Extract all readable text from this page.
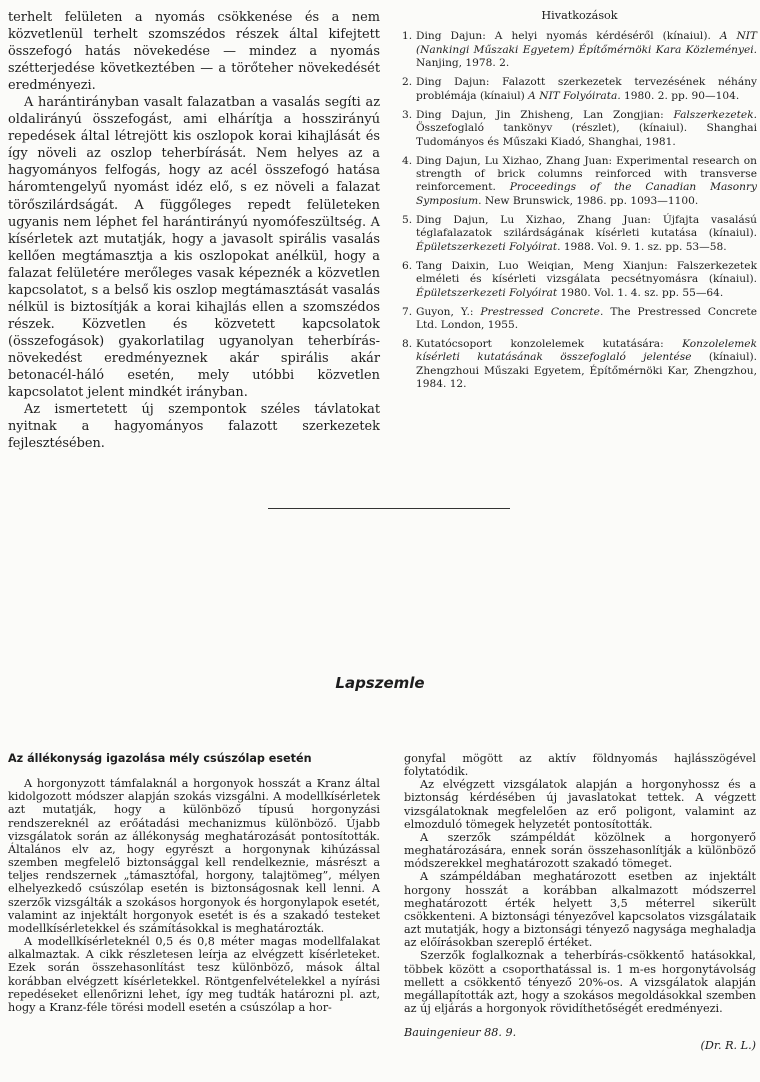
terhelt felületen a nyomás csökkenése és a nem közvetlenül terhelt szomszédos részek által kifejtett összefogó hatás növekedése — mindez a nyomás szétterjedése következtében — a törőteher növekedését eredményezi.

A harántirányban vasalt falazatban a vasalás segíti az oldalirányú összefogást, ami elhárítja a hosszirányú repedések által létrejött kis oszlopok korai kihajlását és így növeli az oszlop teherbírását. Nem helyes az a hagyományos felfogás, hogy az acél összefogó hatása háromtengelyű nyomást idéz elő, s ez növeli a falazat törőszilárdságát. A függőleges repedt felületeken ugyanis nem léphet fel harántirányú nyomófeszültség. A kísérletek azt mutatják, hogy a javasolt spirális vasalás kellően megtámasztja a kis oszlopokat anélkül, hogy a falazat felületére merőleges vasak képeznék a közvetlen kapcsolatot, s a belső kis oszlop megtámasztását vasalás nélkül is biztosítják a korai kihajlás ellen a szomszédos részek. Közvetlen és közvetett kapcsolatok (összefogások) gyakorlatilag ugyanolyan teherbírás-növekedést eredményeznek akár spirális akár betonacél-háló esetén, mely utóbbi közvetlen kapcsolatot jelent mindkét irányban.

Az ismertetett új szempontok széles távlatokat nyitnak a hagyományos falazott szerkezetek fejlesztésében.

Hivatkozások
1. Ding Dajun: A helyi nyomás kérdéséről (kínaiul). A NIT (Nankingi Műszaki Egyetem) Építőmérnöki Kara Közleményei. Nanjing, 1978. 2.
2. Ding Dajun: Falazott szerkezetek tervezésének néhány problémája (kínaiul) A NIT Folyóirata. 1980. 2. pp. 90—104.
3. Ding Dajun, Jin Zhisheng, Lan Zongjian: Falszerkezetek. Összefoglaló tankönyv (részlet), (kínaiul). Shanghai Tudományos és Műszaki Kiadó, Shanghai, 1981.
4. Ding Dajun, Lu Xizhao, Zhang Juan: Experimental research on strength of brick columns reinforced with transverse reinforcement. Proceedings of the Canadian Masonry Symposium. New Brunswick, 1986. pp. 1093—1100.
5. Ding Dajun, Lu Xizhao, Zhang Juan: Újfajta vasalású téglafalazatok szilárdságának kísérleti kutatása (kínaiul). Épületszerkezeti Folyóirat. 1988. Vol. 9. 1. sz. pp. 53—58.
6. Tang Daixin, Luo Weiqian, Meng Xianjun: Falszerkezetek elméleti és kísérleti vizsgálata pecsétnyomásra (kínaiul). Épületszerkezeti Folyóirat 1980. Vol. 1. 4. sz. pp. 55—64.
7. Guyon, Y.: Prestressed Concrete. The Prestressed Concrete Ltd. London, 1955.
8. Kutatócsoport konzolelemek kutatására: Konzolelemek kísérleti kutatásának összefoglaló jelentése (kínaiul). Zhengzhoui Műszaki Egyetem, Építőmérnöki Kar, Zhengzhou, 1984. 12.
Lapszemle
Az állékonyság igazolása mély csúszólap esetén

A horgonyzott támfalaknál a horgonyok hosszát a Kranz által kidolgozott módszer alapján szokás vizsgálni. A modellkísérletek azt mutatják, hogy a különböző típusú horgonyzási rendszereknél az erőátadási mechanizmus különböző. Újabb vizsgálatok során az állékonyság meghatározását pontosították. Általános elv az, hogy egyrészt a horgonynak kihúzással szemben megfelelő biztonsággal kell rendelkeznie, másrészt a teljes rendszernek „támasztófal, horgony, talajtömeg”, mélyen elhelyezkedő csúszólap esetén is biztonságosnak kell lenni. A szerzők vizsgálták a szokásos horgonyok és horgonylapok esetét, valamint az injektált horgonyok esetét is és a szakadó testeket modellkísérletekkel és számításokkal is meghatározták.

A modellkísérleteknél 0,5 és 0,8 méter magas modellfalakat alkalmaztak. A cikk részletesen leírja az elvégzett kísérleteket. Ezek során összehasonlítást tesz különböző, mások által korábban elvégzett kísérletekkel. Röntgenfelvételekkel a nyírási repedéseket ellenőrizni lehet, így meg tudták határozni pl. azt, hogy a Kranz-féle törési modell esetén a csúszólap a hor-

gonyfal mögött az aktív földnyomás hajlásszögével folytatódik.

Az elvégzett vizsgálatok alapján a horgonyhossz és a biztonság kérdésében új javaslatokat tettek. A végzett vizsgálatoknak megfelelően az erő poligont, valamint az elmozduló tömegek helyzetét pontosították.

A szerzők számpéldát közölnek a horgonyerő meghatározására, ennek során összehasonlítják a különböző módszerekkel meghatározott szakadó tömeget.

A számpéldában meghatározott esetben az injektált horgony hosszát a korábban alkalmazott módszerrel meghatározott érték helyett 3,5 méterrel sikerült csökkenteni. A biztonsági tényezővel kapcsolatos vizsgálataik azt mutatják, hogy a biztonsági tényező nagysága meghaladja az előírásokban szereplő értéket.

Szerzők foglalkoznak a teherbírás-csökkentő hatásokkal, többek között a csoporthatással is. 1 m-es horgonytávolság mellett a csökkentő tényező 20%-os. A vizsgálatok alapján megállapították azt, hogy a szokásos megoldásokkal szemben az új eljárás a horgonyok rövidíthetőségét eredményezi.

Bauingenieur 88. 9.

(Dr. R. L.)
